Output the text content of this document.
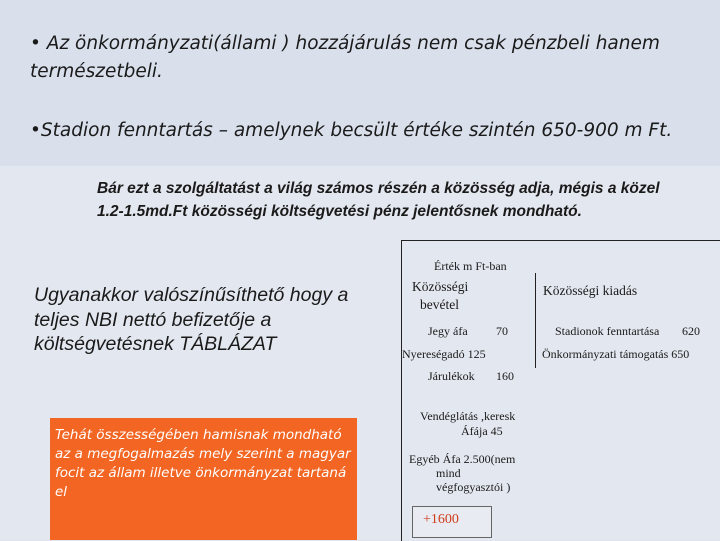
• Az önkormányzati(állami ) hozzájárulás nem csak pénzbeli hanem természetbeli.
•Stadion fenntartás – amelynek becsült értéke szintén 650-900 m Ft.
Bár ezt a szolgáltatást a világ számos részén a közösség adja, mégis a közel 1.2-1.5md.Ft közösségi költségvetési pénz jelentősnek mondható.
Ugyanakkor valószínűsíthető hogy a teljes NBI nettó befizetője a költségvetésnek TÁBLÁZAT

Tehát összességében hamisnak mondható az a megfogalmazás mely szerint a magyar focit az állam illetve önkormányzat tartaná el

Érték m Ft-ban
Közösségi
bevétel
Közösségi kiadás
Jegy áfa 70
Nyereségadó 125
Járulékok 160
Stadionok fenntartása 620
Önkormányzati támogatás 650
Vendéglátás ,keresk
Áfája 45
Egyéb Áfa 2.500(nem
mind
végfogyasztói )
+1600
